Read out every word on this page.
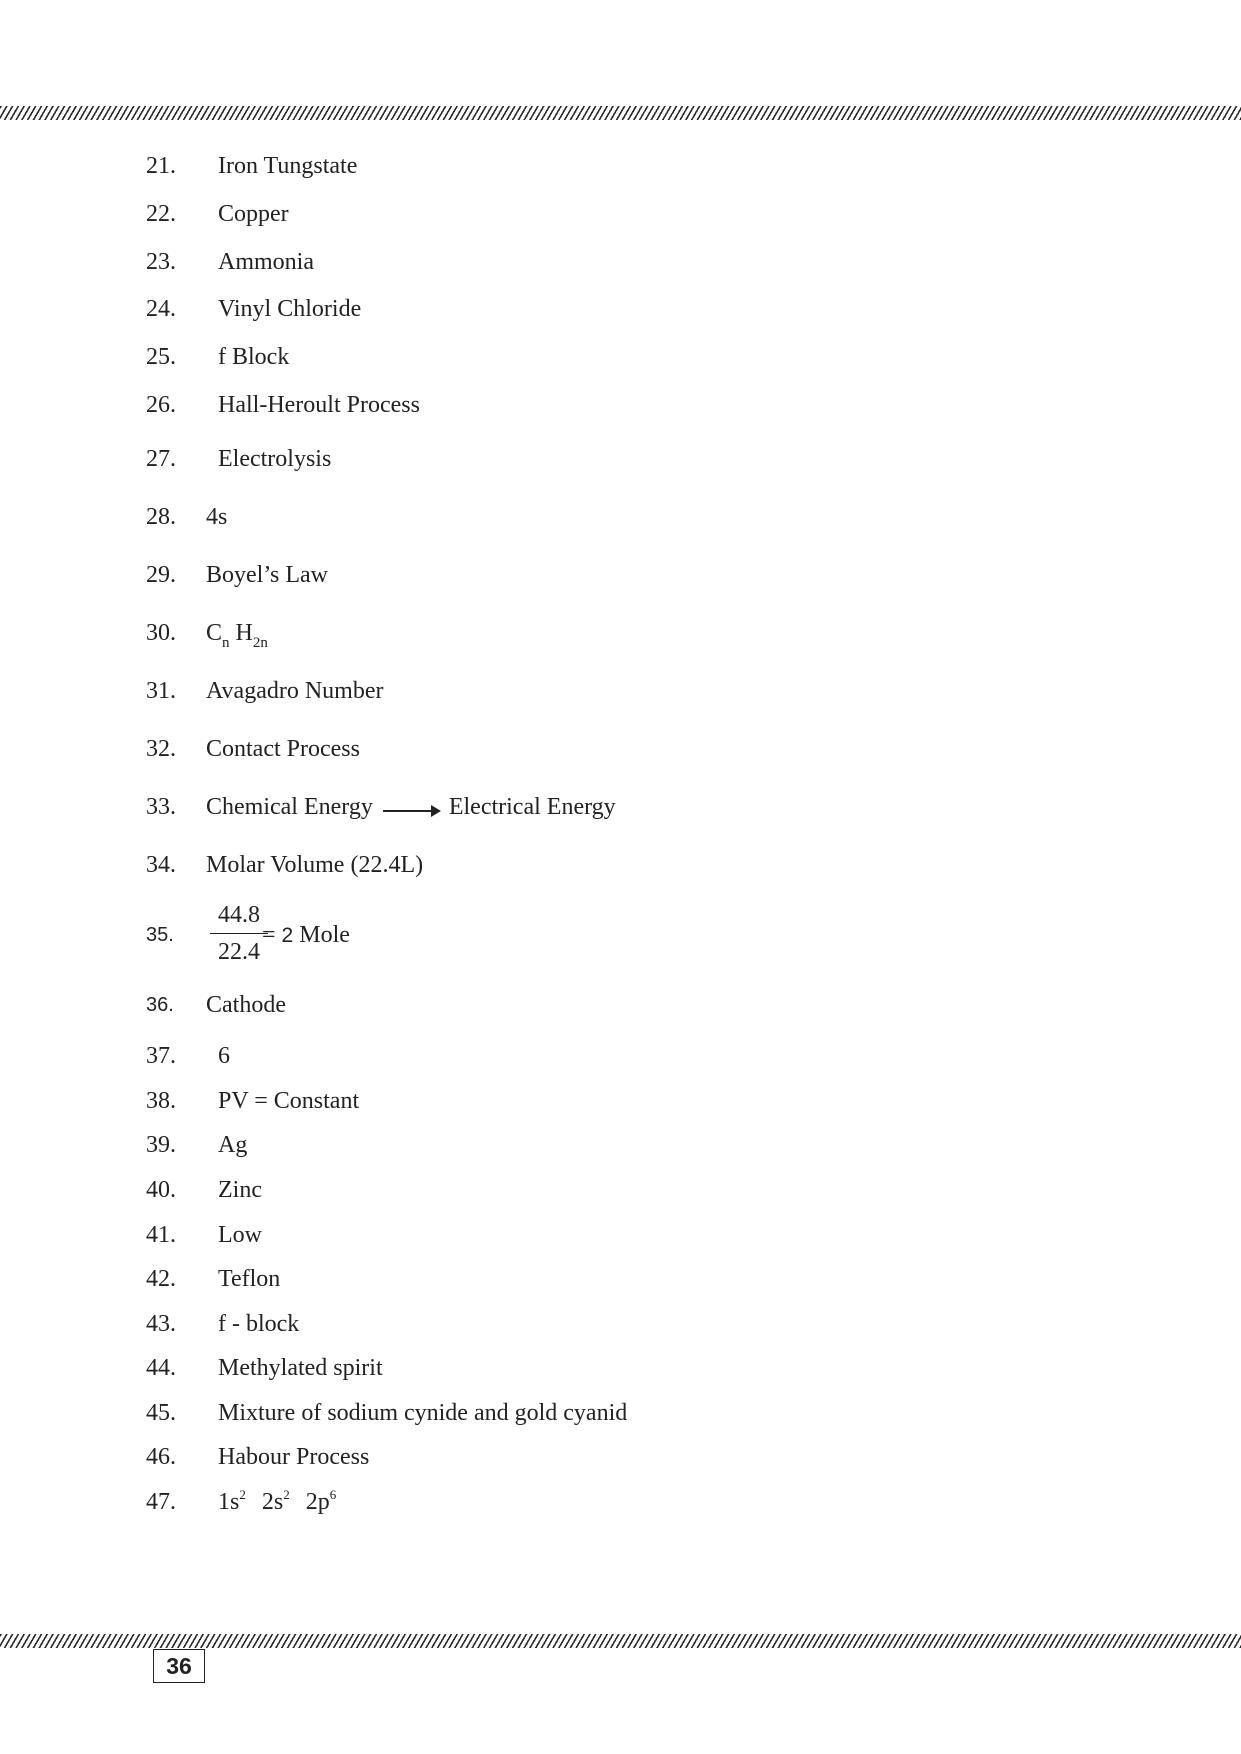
21. Iron Tungstate
22. Copper
23. Ammonia
24. Vinyl Chloride
25. f Block
26. Hall-Heroult Process
27. Electrolysis
28. 4s
29. Boyel’s Law
30. $C_n$ $H_{2n}$
31. Avagadro Number
32. Contact Process
33. Chemical Energy	Electrical Energy
34. Molar Volume (22.4L)
35.
44.8
22.4
= 2 Mole
36. Cathode
37. 6
38. PV = Constant
39. Ag
40. Zinc
41. Low
42. Teflon
43. f - block
44. Methylated spirit
45. Mixture of sodium cynide and gold cyanid
46. Habour Process
47. $1s^2$ $2s^2$ $2p^6$
36
